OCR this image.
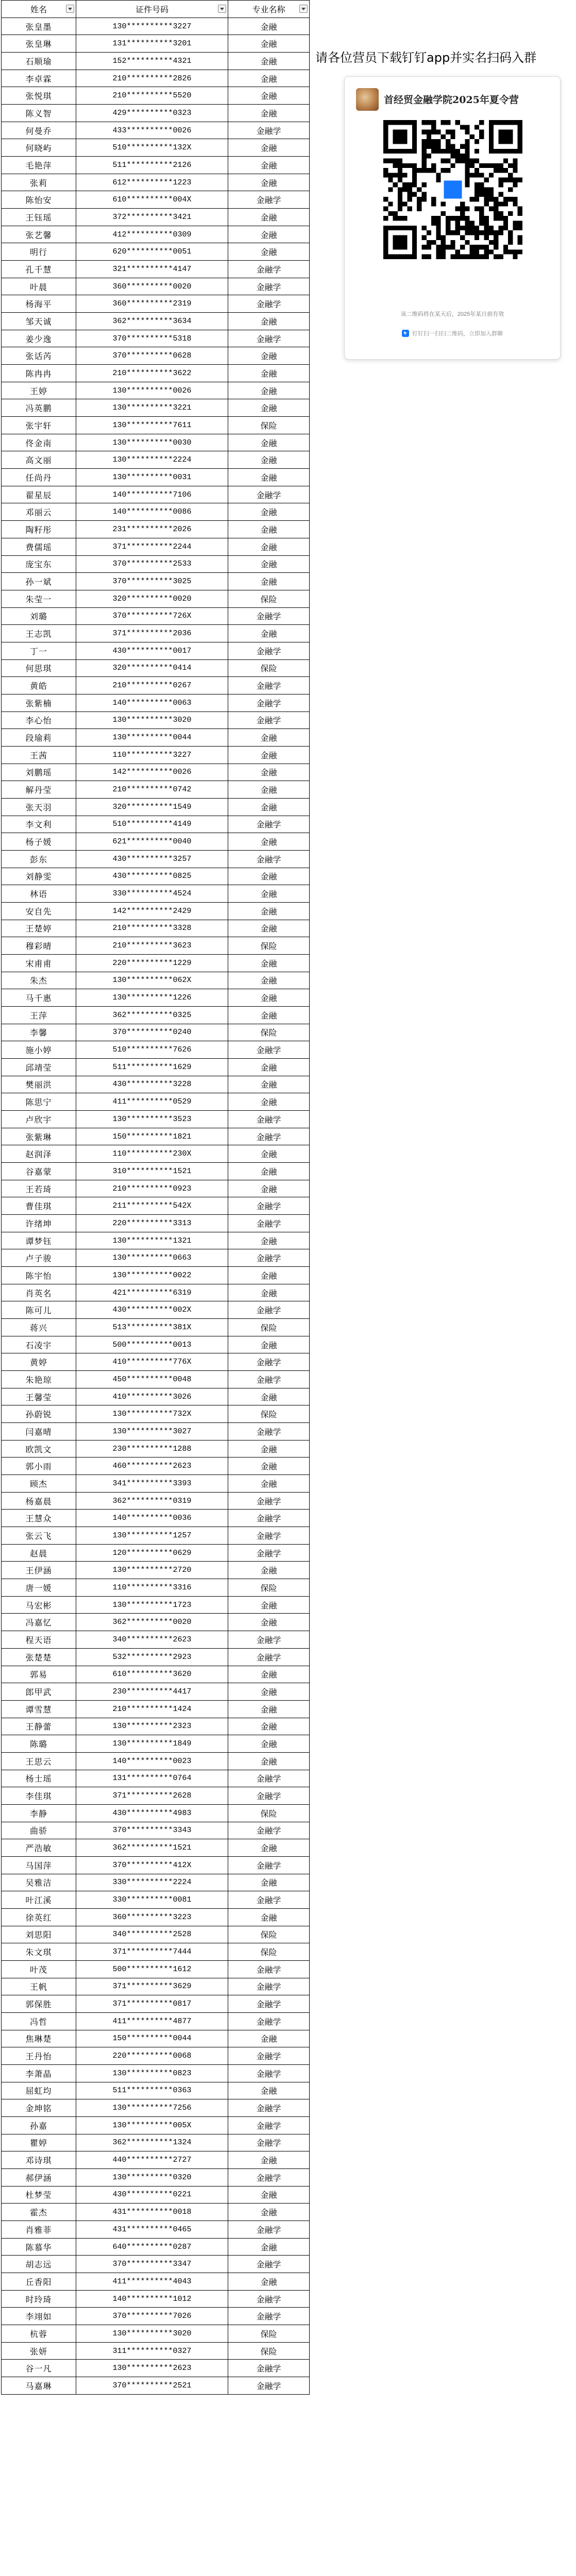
姓名	证件号码	专业名称

张皇墨	130**********3227	金融
张皇琳	131**********3201	金融
石顺瑜	152**********4321	金融
李卓霖	210**********2826	金融
张悦琪	210**********5520	金融
陈义智	429**********0323	金融
何曼乔	433**********0026	金融学
何晓屿	510**********132X	金融
毛艳萍	511**********2126	金融
张莉	612**********1223	金融
陈怡安	610**********004X	金融学
王钰瑶	372**********3421	金融
张艺馨	412**********0309	金融
明行	620**********0051	金融
孔千慧	321**********4147	金融学
叶晨	360**********0020	金融学
杨海平	360**********2319	金融学
邹天诚	362**********3634	金融
姜少逸	370**********5318	金融学
张话芮	370**********0628	金融
陈冉冉	210**********3622	金融
王婷	130**********0026	金融
冯英鹏	130**********3221	金融
张宇轩	130**********7611	保险
佟金南	130**********0030	金融
高文丽	130**********2224	金融
任尚丹	130**********0031	金融
翟星辰	140**********7106	金融学
邓丽云	140**********0086	金融
陶籽彤	231**********2026	金融
费儒瑶	371**********2244	金融
庞宝东	370**********2533	金融
孙一斌	370**********3025	金融
朱莹一	320**********0020	保险
刘璐	370**********726X	金融学
王志凯	371**********2036	金融
丁一	430**********0017	金融学
何思琪	320**********0414	保险
黄皓	210**********0267	金融学
张紫楠	140**********0063	金融学
李心怡	130**********3020	金融学
段瑜莉	130**********0044	金融
王茜	110**********3227	金融
刘鹏瑶	142**********0026	金融
解丹莹	210**********0742	金融
张天羽	320**********1549	金融
李文利	510**********4149	金融学
杨子媛	621**********0040	金融
彭东	430**********3257	金融学
刘静雯	430**********0825	金融
林语	330**********4524	金融
安自先	142**********2429	金融
王楚婷	210**********3328	金融
穆彩晴	210**********3623	保险
宋甫甫	220**********1229	金融
朱杰	130**********062X	金融
马千惠	130**********1226	金融
王萍	362**********0325	金融
李馨	370**********0240	保险
施小婷	510**********7626	金融学
邱靖莹	511**********1629	金融
樊丽洪	430**********3228	金融
陈思宁	411**********0529	金融
卢欣宇	130**********3523	金融学
张紫琳	150**********1821	金融学
赵润泽	110**********230X	金融
谷嘉蒙	310**********1521	金融
王若琦	210**********0923	金融
曹佳琪	211**********542X	金融学
许绪坤	220**********3313	金融学
谭梦钰	130**********1321	金融
卢子骏	130**********0663	金融学
陈宇怡	130**********0022	金融
肖英名	421**********6319	金融
陈可儿	430**********002X	金融学
蒋兴	513**********381X	保险
石凌宇	500**********0013	金融
黄婷	410**********776X	金融学
朱艳琼	450**********0048	金融学
王馨莹	410**********3026	金融
孙蔚锐	130**********732X	保险
闫嘉晴	130**********3027	金融学
欧凯文	230**********1288	金融
郭小雨	460**********2623	金融
顾杰	341**********3393	金融
杨嘉晨	362**********0319	金融学
王慧众	140**********0036	金融学
张云飞	130**********1257	金融学
赵晨	120**********0629	金融学
王伊涵	130**********2720	金融
唐一媛	110**********3316	保险
马宏彬	130**********1723	金融
冯嘉忆	362**********0020	金融
程天语	340**********2623	金融学
张楚楚	532**********2923	金融学
郭易	610**********3620	金融
郎甲武	230**********4417	金融
谭雪慧	210**********1424	金融
王静蕾	130**********2323	金融
陈璐	130**********1849	金融
王思云	140**********0023	金融
杨士瑶	131**********0764	金融学
李佳琪	371**********2628	金融学
李静	430**********4983	保险
曲骄	370**********3343	金融学
严浩敏	362**********1521	金融
马国萍	370**********412X	金融学
吴雅洁	330**********2224	金融
叶江溪	330**********0081	金融学
徐英红	360**********3223	金融
刘思阳	340**********2528	保险
朱文琪	371**********7444	保险
叶茂	500**********1612	金融学
王帆	371**********3629	金融学
郭保胜	371**********0817	金融学
冯哲	411**********4877	金融学
焦琳楚	150**********0044	金融
王丹怡	220**********0068	金融学
李萧晶	130**********0823	金融学
屈虹均	511**********0363	金融
金坤铭	130**********7256	金融学
孙嘉	130**********005X	金融学
瞿婷	362**********1324	金融学
邓诗琪	440**********2727	金融
郝伊涵	130**********0320	金融学
杜梦莹	430**********0221	金融
霍杰	431**********0018	金融
肖雅菲	431**********0465	金融学
陈慕华	640**********0287	金融
胡志远	370**********3347	金融学
丘香阳	411**********4043	金融
时玲琦	140**********1012	金融学
李翊如	370**********7026	金融学
杭蓉	130**********3020	保险
张妍	311**********0327	保险
谷一凡	130**********2623	金融学
马嘉琳	370**********2521	金融学
请各位营员下载钉钉app并实名扫码入群
首经贸金融学院2025年夏令营
该二维码将在某天后，2025年某日前有效
钉钉扫一扫扫二维码，立即加入群聊
